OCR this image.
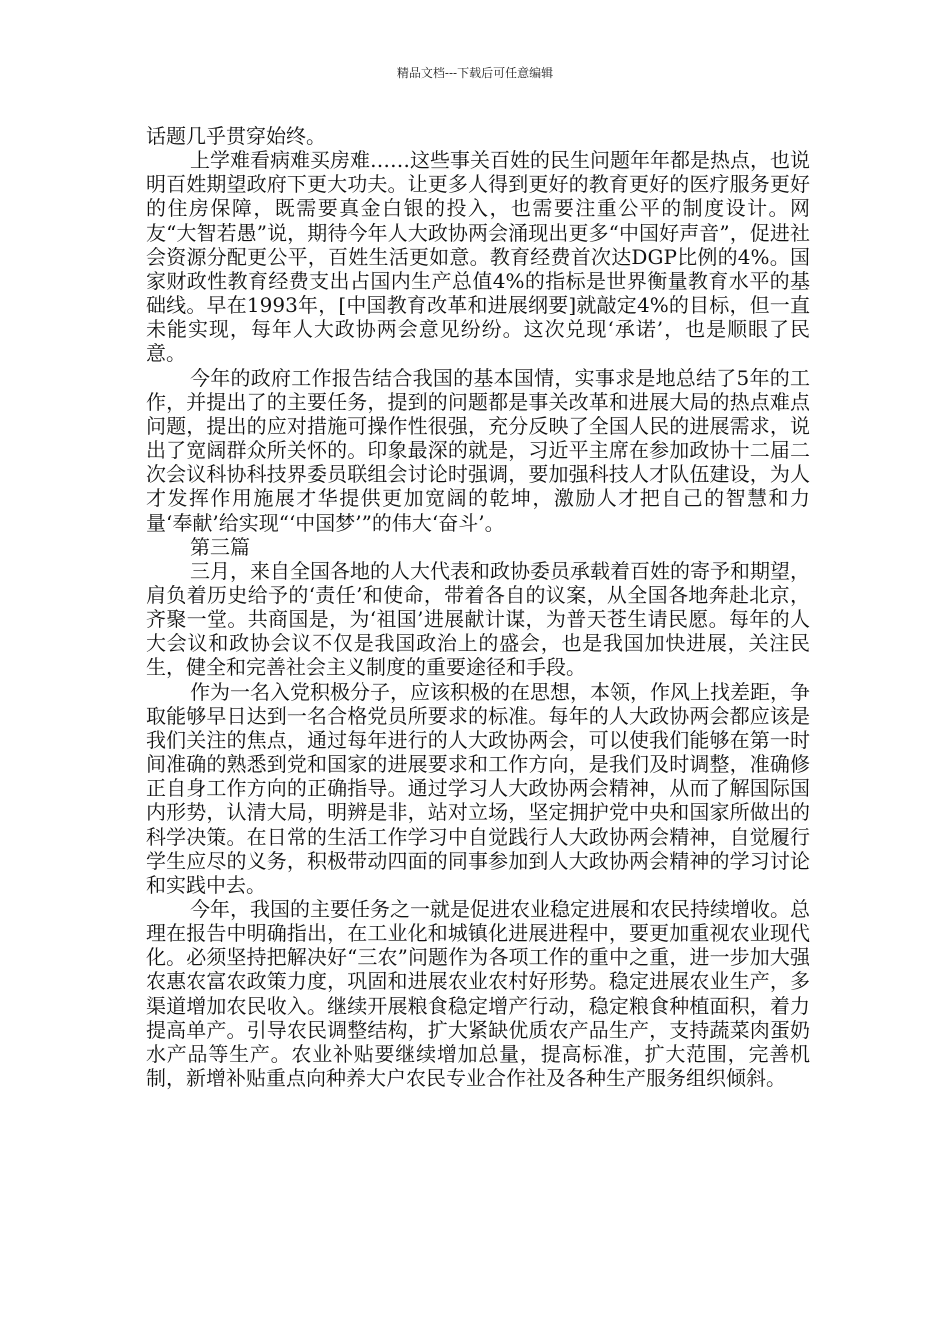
精品文档---下载后可任意编辑

话题几乎贯穿始终。

上学难看病难买房难……这些事关百姓的民生问题年年都是热点，也说明百姓期望政府下更大功夫。让更多人得到更好的教育更好的医疗服务更好的住房保障，既需要真金白银的投入，也需要注重公平的制度设计。网友“大智若愚”说，期待今年人大政协两会涌现出更多“中国好声音”，促进社会资源分配更公平，百姓生活更如意。教育经费首次达DGP比例的4%。国家财政性教育经费支出占国内生产总值4%的指标是世界衡量教育水平的基础线。早在1993年，[中国教育改革和进展纲要]就敲定4%的目标，但一直未能实现，每年人大政协两会意见纷纷。这次兑现‘承诺’，也是顺眼了民意。

今年的政府工作报告结合我国的基本国情，实事求是地总结了5年的工作，并提出了的主要任务，提到的问题都是事关改革和进展大局的热点难点问题，提出的应对措施可操作性很强，充分反映了全国人民的进展需求，说出了宽阔群众所关怀的。印象最深的就是，习近平主席在参加政协十二届二次会议科协科技界委员联组会讨论时强调，要加强科技人才队伍建设，为人才发挥作用施展才华提供更加宽阔的乾坤，激励人才把自己的智慧和力量‘奉献’给实现“‘中国梦’”的伟大‘奋斗’。

第三篇

三月，来自全国各地的人大代表和政协委员承载着百姓的寄予和期望，肩负着历史给予的‘责任’和使命，带着各自的议案，从全国各地奔赴北京，齐聚一堂。共商国是，为‘祖国’进展献计谋，为普天苍生请民愿。每年的人大会议和政协会议不仅是我国政治上的盛会，也是我国加快进展，关注民生，健全和完善社会主义制度的重要途径和手段。

作为一名入党积极分子，应该积极的在思想，本领，作风上找差距，争取能够早日达到一名合格党员所要求的标准。每年的人大政协两会都应该是我们关注的焦点，通过每年进行的人大政协两会，可以使我们能够在第一时间准确的熟悉到党和国家的进展要求和工作方向，是我们及时调整，准确修正自身工作方向的正确指导。通过学习人大政协两会精神，从而了解国际国内形势，认清大局，明辨是非，站对立场，坚定拥护党中央和国家所做出的科学决策。在日常的生活工作学习中自觉践行人大政协两会精神，自觉履行学生应尽的义务，积极带动四面的同事参加到人大政协两会精神的学习讨论和实践中去。

今年，我国的主要任务之一就是促进农业稳定进展和农民持续增收。总理在报告中明确指出，在工业化和城镇化进展进程中，要更加重视农业现代化。必须坚持把解决好“三农”问题作为各项工作的重中之重，进一步加大强农惠农富农政策力度，巩固和进展农业农村好形势。稳定进展农业生产，多渠道增加农民收入。继续开展粮食稳定增产行动，稳定粮食种植面积，着力提高单产。引导农民调整结构，扩大紧缺优质农产品生产，支持蔬菜肉蛋奶水产品等生产。农业补贴要继续增加总量，提高标准，扩大范围，完善机制，新增补贴重点向种养大户农民专业合作社及各种生产服务组织倾斜。
